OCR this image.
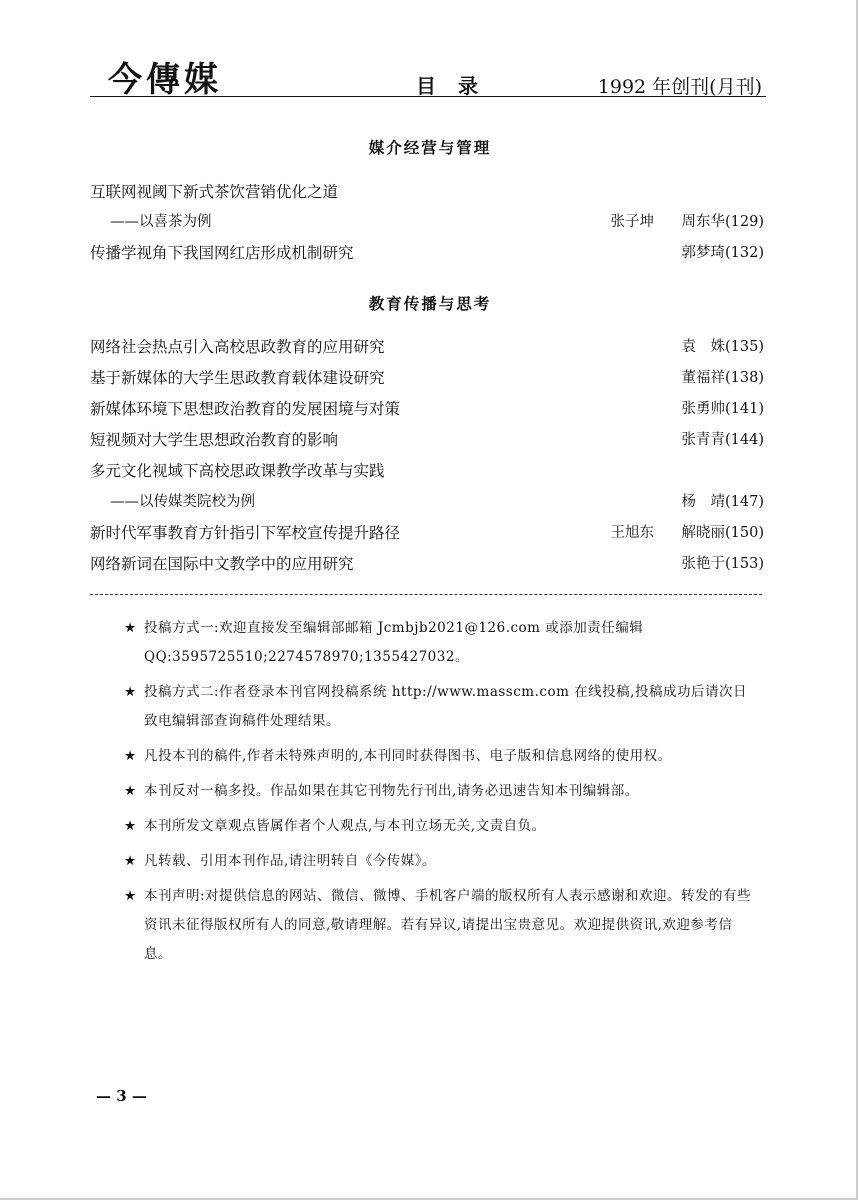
今傳媒	目录	1992 年创刊(月刊)
媒介经营与管理
互联网视阈下新式茶饮营销优化之道
——以喜茶为例	张子坤 周东华(129)
传播学视角下我国网红店形成机制研究	郭梦琦(132)
教育传播与思考
网络社会热点引入高校思政教育的应用研究	袁　姝(135)
基于新媒体的大学生思政教育载体建设研究	董福祥(138)
新媒体环境下思想政治教育的发展困境与对策	张勇帅(141)
短视频对大学生思想政治教育的影响	张青青(144)
多元文化视域下高校思政课教学改革与实践
——以传媒类院校为例	杨　靖(147)
新时代军事教育方针指引下军校宣传提升路径	王旭东 解晓丽(150)
网络新词在国际中文教学中的应用研究	张艳于(153)
★ 投稿方式一:欢迎直接发至编辑部邮箱 Jcmbjb2021@126.com 或添加责任编辑 QQ:3595725510;2274578970;1355427032。
★ 投稿方式二:作者登录本刊官网投稿系统 http://www.masscm.com 在线投稿,投稿成功后请次日致电编辑部查询稿件处理结果。
★ 凡投本刊的稿件,作者未特殊声明的,本刊同时获得图书、电子版和信息网络的使用权。
★ 本刊反对一稿多投。作品如果在其它刊物先行刊出,请务必迅速告知本刊编辑部。
★ 本刊所发文章观点皆属作者个人观点,与本刊立场无关,文责自负。
★ 凡转载、引用本刊作品,请注明转自《今传媒》。
★ 本刊声明:对提供信息的网站、微信、微博、手机客户端的版权所有人表示感谢和欢迎。转发的有些资讯未征得版权所有人的同意,敬请理解。若有异议,请提出宝贵意见。欢迎提供资讯,欢迎参考信息。
— 3 —
